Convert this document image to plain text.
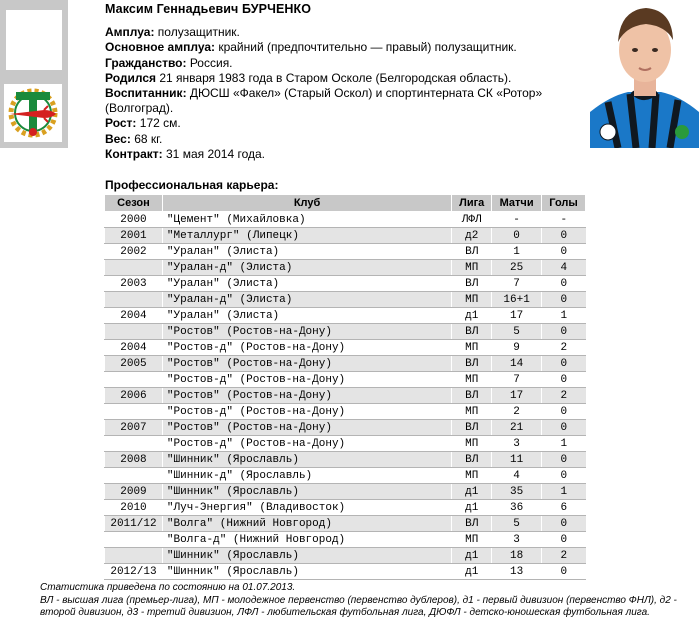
Максим Геннадьевич БУРЧЕНКО

Амплуа: полузащитник.

Основное амплуа: крайний (предпочтительно — правый) полузащитник.

Гражданство: Россия.

Родился 21 января 1983 года в Старом Осколе (Белгородская область).

Воспитанник: ДЮСШ «Факел» (Старый Оскол) и спортинтерната СК «Ротор» (Волгоград).

Рост: 172 см.

Вес: 68 кг.

Контракт: 31 мая 2014 года.

Профессиональная карьера:
Сезон	Клуб	Лига	Матчи	Голы
2000	"Цемент" (Михайловка)	ЛФЛ	-	-
2001	"Металлург" (Липецк)	д2	0	0
2002	"Уралан" (Элиста)	ВЛ	1	0
	"Уралан-д" (Элиста)	МП	25	4
2003	"Уралан" (Элиста)	ВЛ	7	0
	"Уралан-д" (Элиста)	МП	16+1	0
2004	"Уралан" (Элиста)	д1	17	1
	"Ростов" (Ростов-на-Дону)	ВЛ	5	0
2004	"Ростов-д" (Ростов-на-Дону)	МП	9	2
2005	"Ростов" (Ростов-на-Дону)	ВЛ	14	0
	"Ростов-д" (Ростов-на-Дону)	МП	7	0
2006	"Ростов" (Ростов-на-Дону)	ВЛ	17	2
	"Ростов-д" (Ростов-на-Дону)	МП	2	0
2007	"Ростов" (Ростов-на-Дону)	ВЛ	21	0
	"Ростов-д" (Ростов-на-Дону)	МП	3	1
2008	"Шинник" (Ярославль)	ВЛ	11	0
	"Шинник-д" (Ярославль)	МП	4	0
2009	"Шинник" (Ярославль)	д1	35	1
2010	"Луч-Энергия" (Владивосток)	д1	36	6
2011/12	"Волга" (Нижний Новгород)	ВЛ	5	0
	"Волга-д" (Нижний Новгород)	МП	3	0
	"Шинник" (Ярославль)	д1	18	2
2012/13	"Шинник" (Ярославль)	д1	13	0

Статистика приведена по состоянию на 01.07.2013.

ВЛ - высшая лига (премьер-лига), МП - молодежное первенство (первенство дублеров), д1 - первый дивизион (первенство ФНЛ), д2 - второй дивизион, д3 - третий дивизион, ЛФЛ - любительская футбольная лига, ДЮФЛ - детско-юношеская футбольная лига.
